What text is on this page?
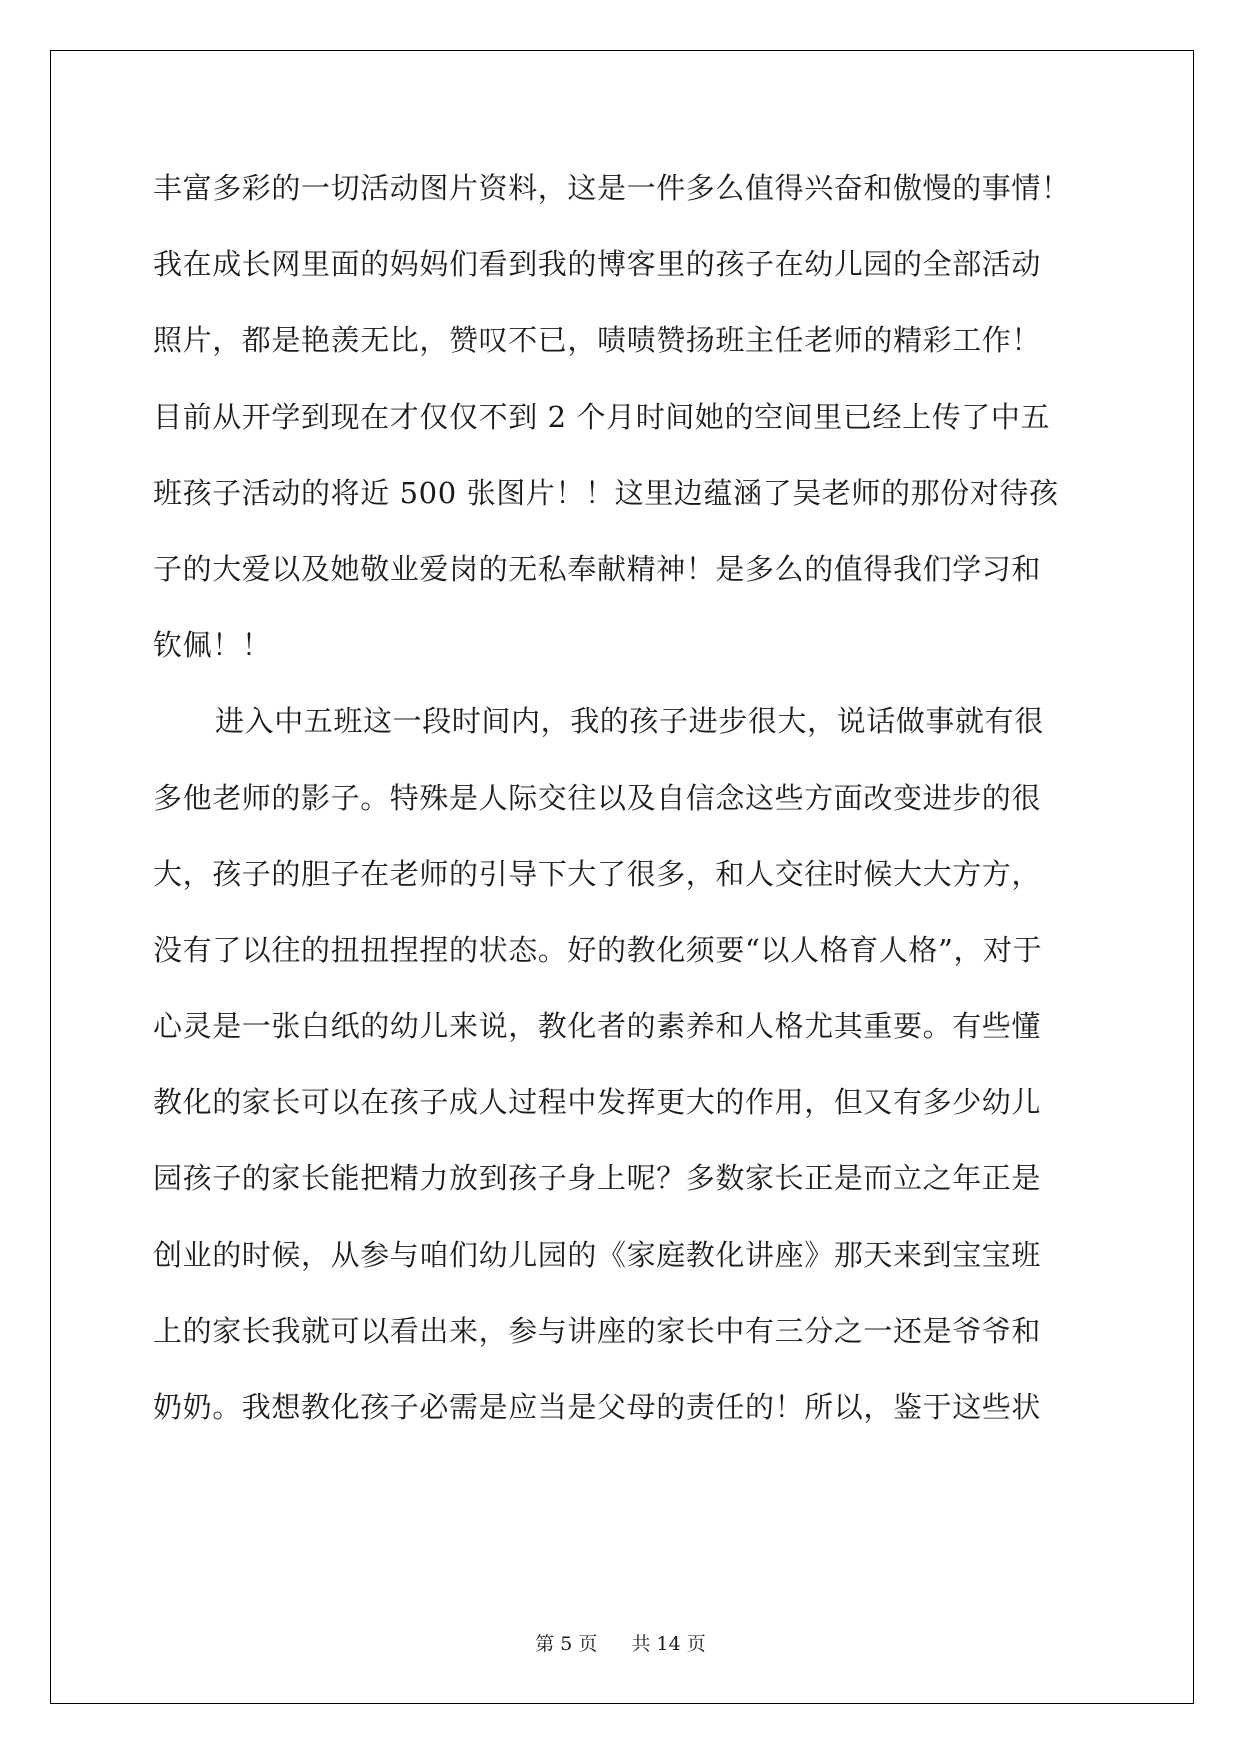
丰富多彩的一切活动图片资料，这是一件多么值得兴奋和傲慢的事情！
我在成长网里面的妈妈们看到我的博客里的孩子在幼儿园的全部活动
照片，都是艳羡无比，赞叹不已，啧啧赞扬班主任老师的精彩工作！
目前从开学到现在才仅仅不到 2 个月时间她的空间里已经上传了中五
班孩子活动的将近 500 张图片！！这里边蕴涵了吴老师的那份对待孩
子的大爱以及她敬业爱岗的无私奉献精神！是多么的值得我们学习和
钦佩！！
进入中五班这一段时间内，我的孩子进步很大，说话做事就有很
多他老师的影子。特殊是人际交往以及自信念这些方面改变进步的很
大，孩子的胆子在老师的引导下大了很多，和人交往时候大大方方，
没有了以往的扭扭捏捏的状态。好的教化须要“以人格育人格”，对于
心灵是一张白纸的幼儿来说，教化者的素养和人格尤其重要。有些懂
教化的家长可以在孩子成人过程中发挥更大的作用，但又有多少幼儿
园孩子的家长能把精力放到孩子身上呢？多数家长正是而立之年正是
创业的时候，从参与咱们幼儿园的《家庭教化讲座》那天来到宝宝班
上的家长我就可以看出来，参与讲座的家长中有三分之一还是爷爷和
奶奶。我想教化孩子必需是应当是父母的责任的！所以，鉴于这些状
第 5 页 共 14 页
